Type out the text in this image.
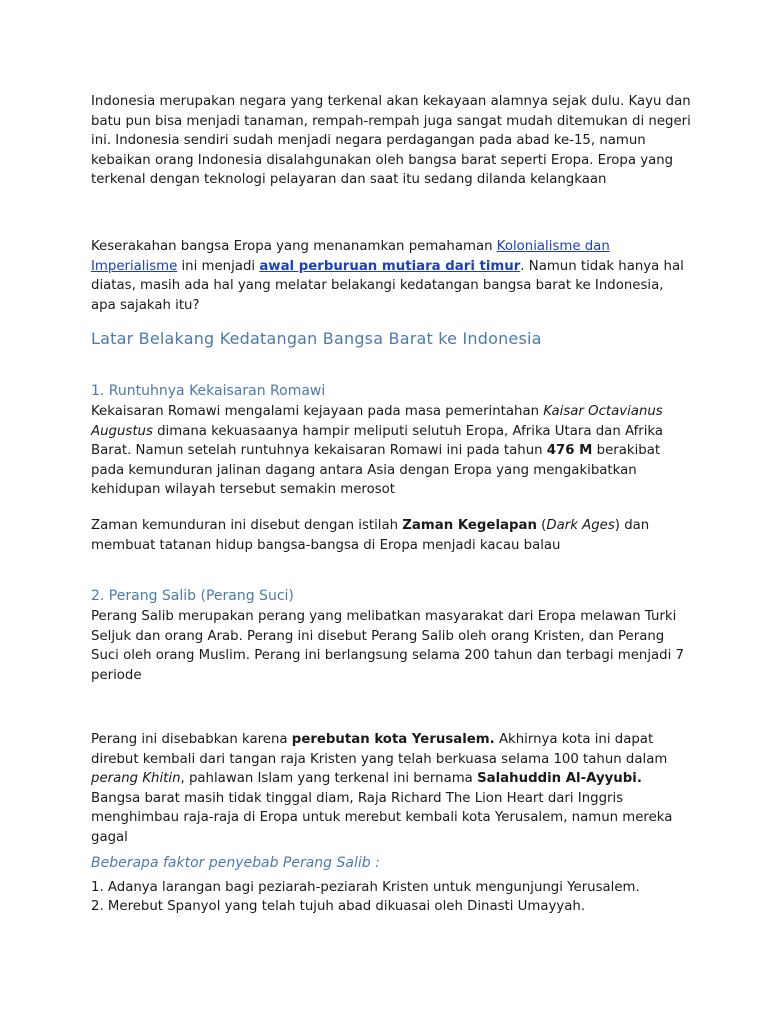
Indonesia merupakan negara yang terkenal akan kekayaan alamnya sejak dulu. Kayu dan batu pun bisa menjadi tanaman, rempah-rempah juga sangat mudah ditemukan di negeri ini. Indonesia sendiri sudah menjadi negara perdagangan pada abad ke-15, namun kebaikan orang Indonesia disalahgunakan oleh bangsa barat seperti Eropa. Eropa yang terkenal dengan teknologi pelayaran dan saat itu sedang dilanda kelangkaan

Keserakahan bangsa Eropa yang menanamkan pemahaman Kolonialisme dan Imperialisme ini menjadi awal perburuan mutiara dari timur. Namun tidak hanya hal diatas, masih ada hal yang melatar belakangi kedatangan bangsa barat ke Indonesia, apa sajakah itu?

Latar Belakang Kedatangan Bangsa Barat ke Indonesia
1. Runtuhnya Kekaisaran Romawi

Kekaisaran Romawi mengalami kejayaan pada masa pemerintahan Kaisar Octavianus Augustus dimana kekuasaanya hampir meliputi selutuh Eropa, Afrika Utara dan Afrika Barat. Namun setelah runtuhnya kekaisaran Romawi ini pada tahun 476 M berakibat pada kemunduran jalinan dagang antara Asia dengan Eropa yang mengakibatkan kehidupan wilayah tersebut semakin merosot

Zaman kemunduran ini disebut dengan istilah Zaman Kegelapan (Dark Ages) dan membuat tatanan hidup bangsa-bangsa di Eropa menjadi kacau balau

2. Perang Salib (Perang Suci)

Perang Salib merupakan perang yang melibatkan masyarakat dari Eropa melawan Turki Seljuk dan orang Arab. Perang ini disebut Perang Salib oleh orang Kristen, dan Perang Suci oleh orang Muslim. Perang ini berlangsung selama 200 tahun dan terbagi menjadi 7 periode

Perang ini disebabkan karena perebutan kota Yerusalem. Akhirnya kota ini dapat direbut kembali dari tangan raja Kristen yang telah berkuasa selama 100 tahun dalam perang Khitin, pahlawan Islam yang terkenal ini bernama Salahuddin Al-Ayyubi. Bangsa barat masih tidak tinggal diam, Raja Richard The Lion Heart dari Inggris menghimbau raja-raja di Eropa untuk merebut kembali kota Yerusalem, namun mereka gagal

Beberapa faktor penyebab Perang Salib :

1. Adanya larangan bagi peziarah-peziarah Kristen untuk mengunjungi Yerusalem.

2. Merebut Spanyol yang telah tujuh abad dikuasai oleh Dinasti Umayyah.
